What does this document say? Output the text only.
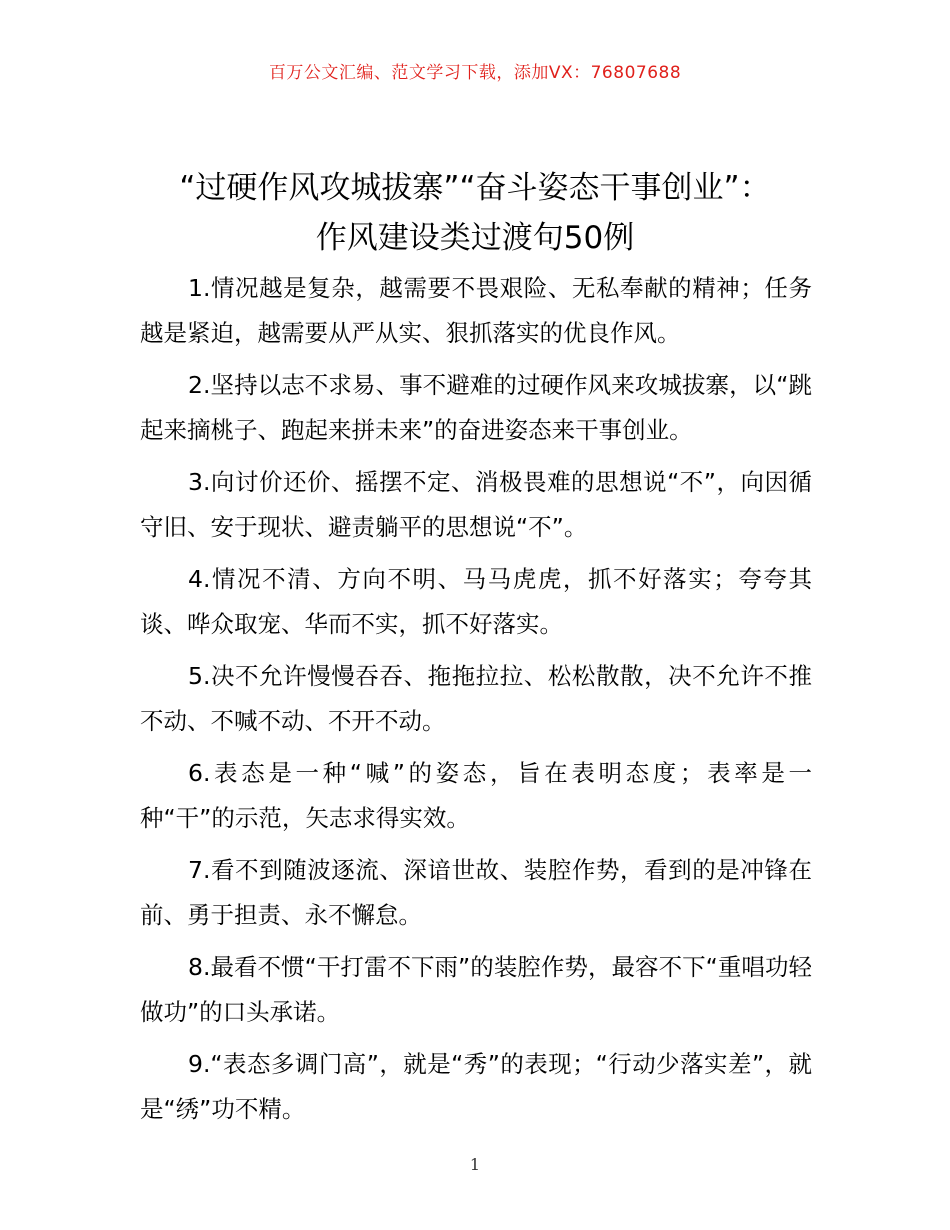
百万公文汇编、范文学习下载，添加VX：76807688
“过硬作风攻城拔寨”“奋斗姿态干事创业”：
作风建设类过渡句50例

1.情况越是复杂，越需要不畏艰险、无私奉献的精神；任务越是紧迫，越需要从严从实、狠抓落实的优良作风。

2.坚持以志不求易、事不避难的过硬作风来攻城拔寨，以“跳起来摘桃子、跑起来拼未来”的奋进姿态来干事创业。

3.向讨价还价、摇摆不定、消极畏难的思想说“不”，向因循守旧、安于现状、避责躺平的思想说“不”。

4.情况不清、方向不明、马马虎虎，抓不好落实；夸夸其谈、哗众取宠、华而不实，抓不好落实。

5.决不允许慢慢吞吞、拖拖拉拉、松松散散，决不允许不推不动、不喊不动、不开不动。

6.表态是一种“喊”的姿态，旨在表明态度；表率是一种“干”的示范，矢志求得实效。

7.看不到随波逐流、深谙世故、装腔作势，看到的是冲锋在前、勇于担责、永不懈怠。

8.最看不惯“干打雷不下雨”的装腔作势，最容不下“重唱功轻做功”的口头承诺。

9.“表态多调门高”，就是“秀”的表现；“行动少落实差”，就是“绣”功不精。

1
